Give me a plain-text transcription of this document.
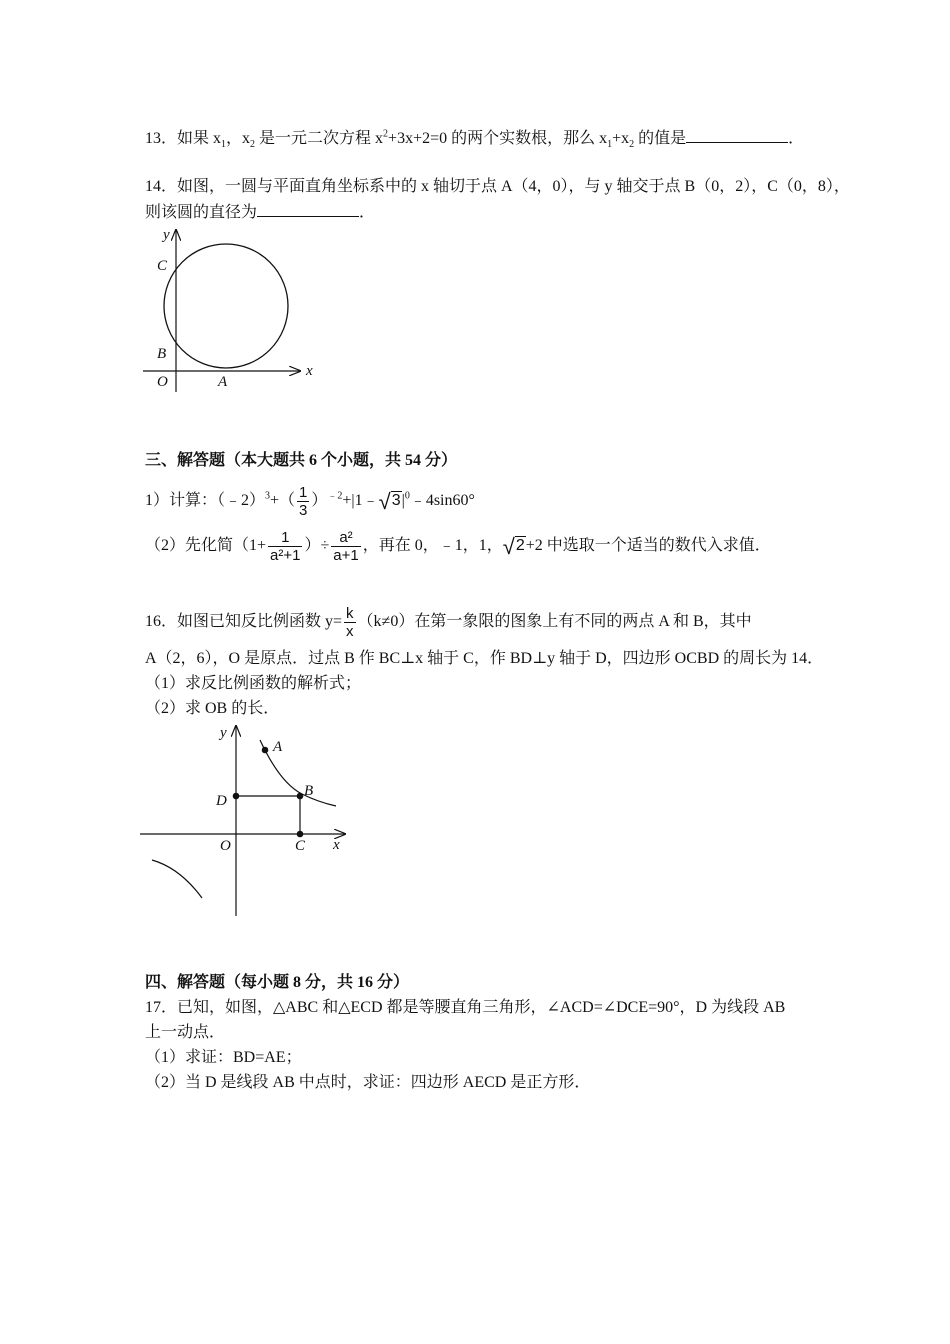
13．如果 $x_1$，$x_2$ 是一元二次方程 $x^2+3x+2=0$ 的两个实数根，那么 $x_1+x_2$ 的值是	．
14．如图，一圆与平面直角坐标系中的 x 轴切于点 A（4，0），与 y 轴交于点 B（0，2），C（0，8），
则该圆的直径为	．
y
x
C
B
O	A
三、解答题（本大题共 6 个小题，共 54 分）
1）计算：（﹣2）$^3$+（ $\frac{1}{3}$ ）$^{﹣2}+|1﹣√3|^0﹣4\sin 60^\circ$
（2）先化简（$1+ \frac{1}{\text{a²+1}}$ ）÷ $\frac{\text{a²}}{a+1}$ ，再在 0，﹣1，1，√2+2 中选取一个适当的数代入求值．
16．如图已知反比例函数 $y= \frac{k}{x} (k\ne 0)$在第一象限的图象上有不同的两点 A 和 B，其中
A（2，6），O 是原点．过点 B 作 BC⊥x 轴于 C，作 BD⊥y 轴于 D，四边形 OCBD 的周长为 14．
（1）求反比例函数的解析式；
（2）求 OB 的长．
y
x
A
B
D
O	C
四、解答题（每小题 8 分，共 16 分）
17．已知，如图，△ABC 和△ECD 都是等腰直角三角形，∠ACD=∠DCE=90°，D 为线段 AB
上一动点．
（1）求证：BD=AE；
（2）当 D 是线段 AB 中点时，求证：四边形 AECD 是正方形．
